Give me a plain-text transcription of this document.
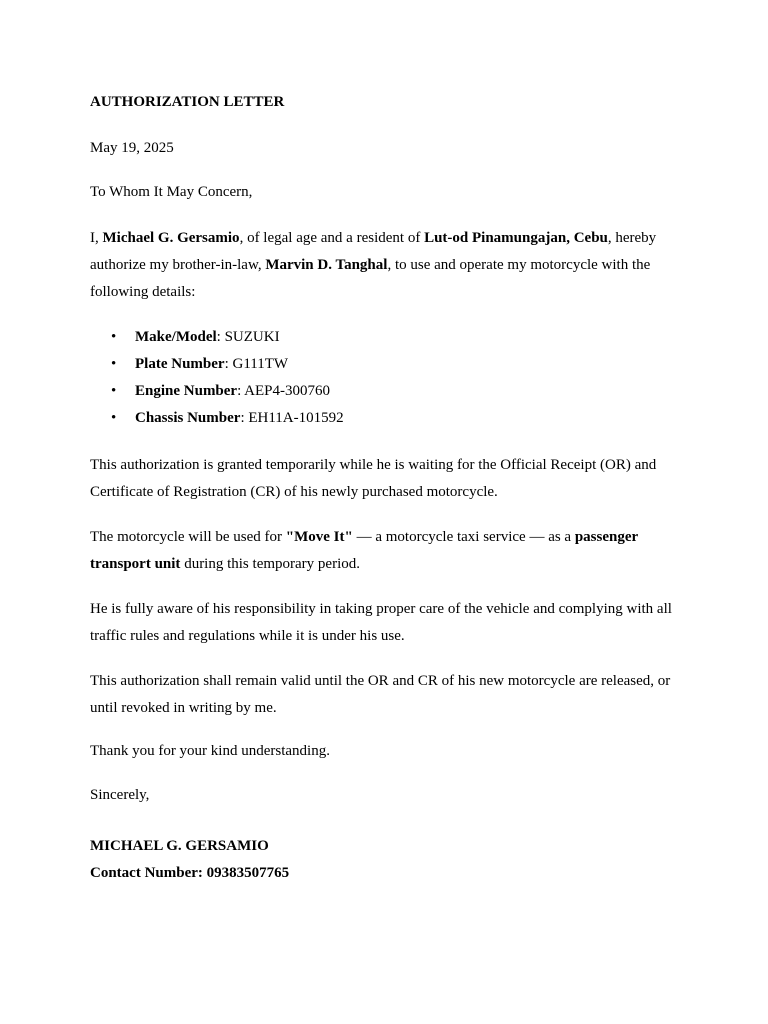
AUTHORIZATION LETTER

May 19, 2025

To Whom It May Concern,

I, Michael G. Gersamio, of legal age and a resident of Lut-od Pinamungajan, Cebu, hereby authorize my brother-in-law, Marvin D. Tanghal, to use and operate my motorcycle with the following details:

• Make/Model: SUZUKI
• Plate Number: G111TW
• Engine Number: AEP4-300760
• Chassis Number: EH11A-101592

This authorization is granted temporarily while he is waiting for the Official Receipt (OR) and Certificate of Registration (CR) of his newly purchased motorcycle.

The motorcycle will be used for "Move It" — a motorcycle taxi service — as a passenger transport unit during this temporary period.

He is fully aware of his responsibility in taking proper care of the vehicle and complying with all traffic rules and regulations while it is under his use.

This authorization shall remain valid until the OR and CR of his new motorcycle are released, or until revoked in writing by me.

Thank you for your kind understanding.

Sincerely,

MICHAEL G. GERSAMIO

Contact Number: 09383507765
